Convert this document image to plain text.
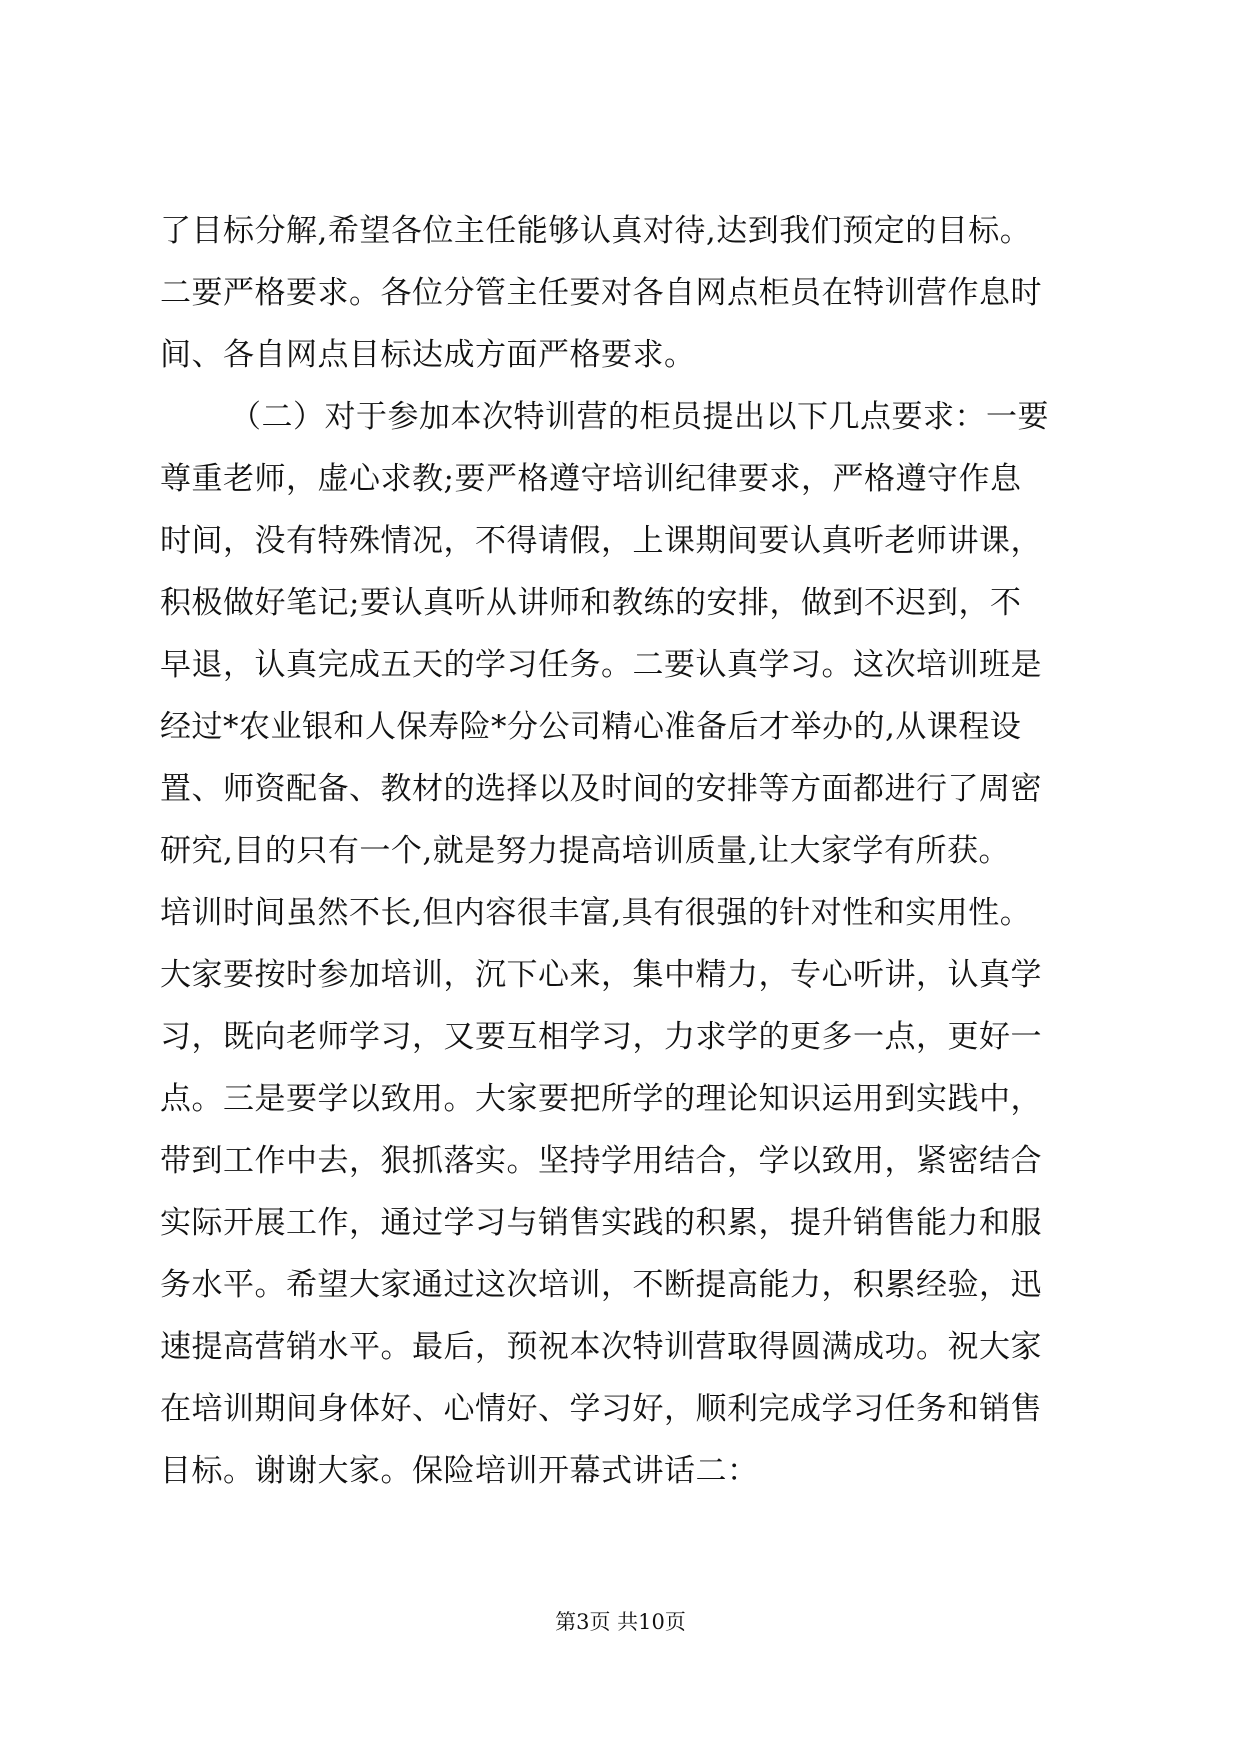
了目标分解,希望各位主任能够认真对待,达到我们预定的目标。
二要严格要求。各位分管主任要对各自网点柜员在特训营作息时
间、各自网点目标达成方面严格要求。
（二）对于参加本次特训营的柜员提出以下几点要求：一要
尊重老师，虚心求教;要严格遵守培训纪律要求，严格遵守作息
时间，没有特殊情况，不得请假，上课期间要认真听老师讲课，
积极做好笔记;要认真听从讲师和教练的安排，做到不迟到，不
早退，认真完成五天的学习任务。二要认真学习。这次培训班是
经过*农业银和人保寿险*分公司精心准备后才举办的,从课程设
置、师资配备、教材的选择以及时间的安排等方面都进行了周密
研究,目的只有一个,就是努力提高培训质量,让大家学有所获。
培训时间虽然不长,但内容很丰富,具有很强的针对性和实用性。
大家要按时参加培训，沉下心来，集中精力，专心听讲，认真学
习，既向老师学习，又要互相学习，力求学的更多一点，更好一
点。三是要学以致用。大家要把所学的理论知识运用到实践中，
带到工作中去，狠抓落实。坚持学用结合，学以致用，紧密结合
实际开展工作，通过学习与销售实践的积累，提升销售能力和服
务水平。希望大家通过这次培训，不断提高能力，积累经验，迅
速提高营销水平。最后，预祝本次特训营取得圆满成功。祝大家
在培训期间身体好、心情好、学习好，顺利完成学习任务和销售
目标。谢谢大家。保险培训开幕式讲话二：
第3页 共10页
